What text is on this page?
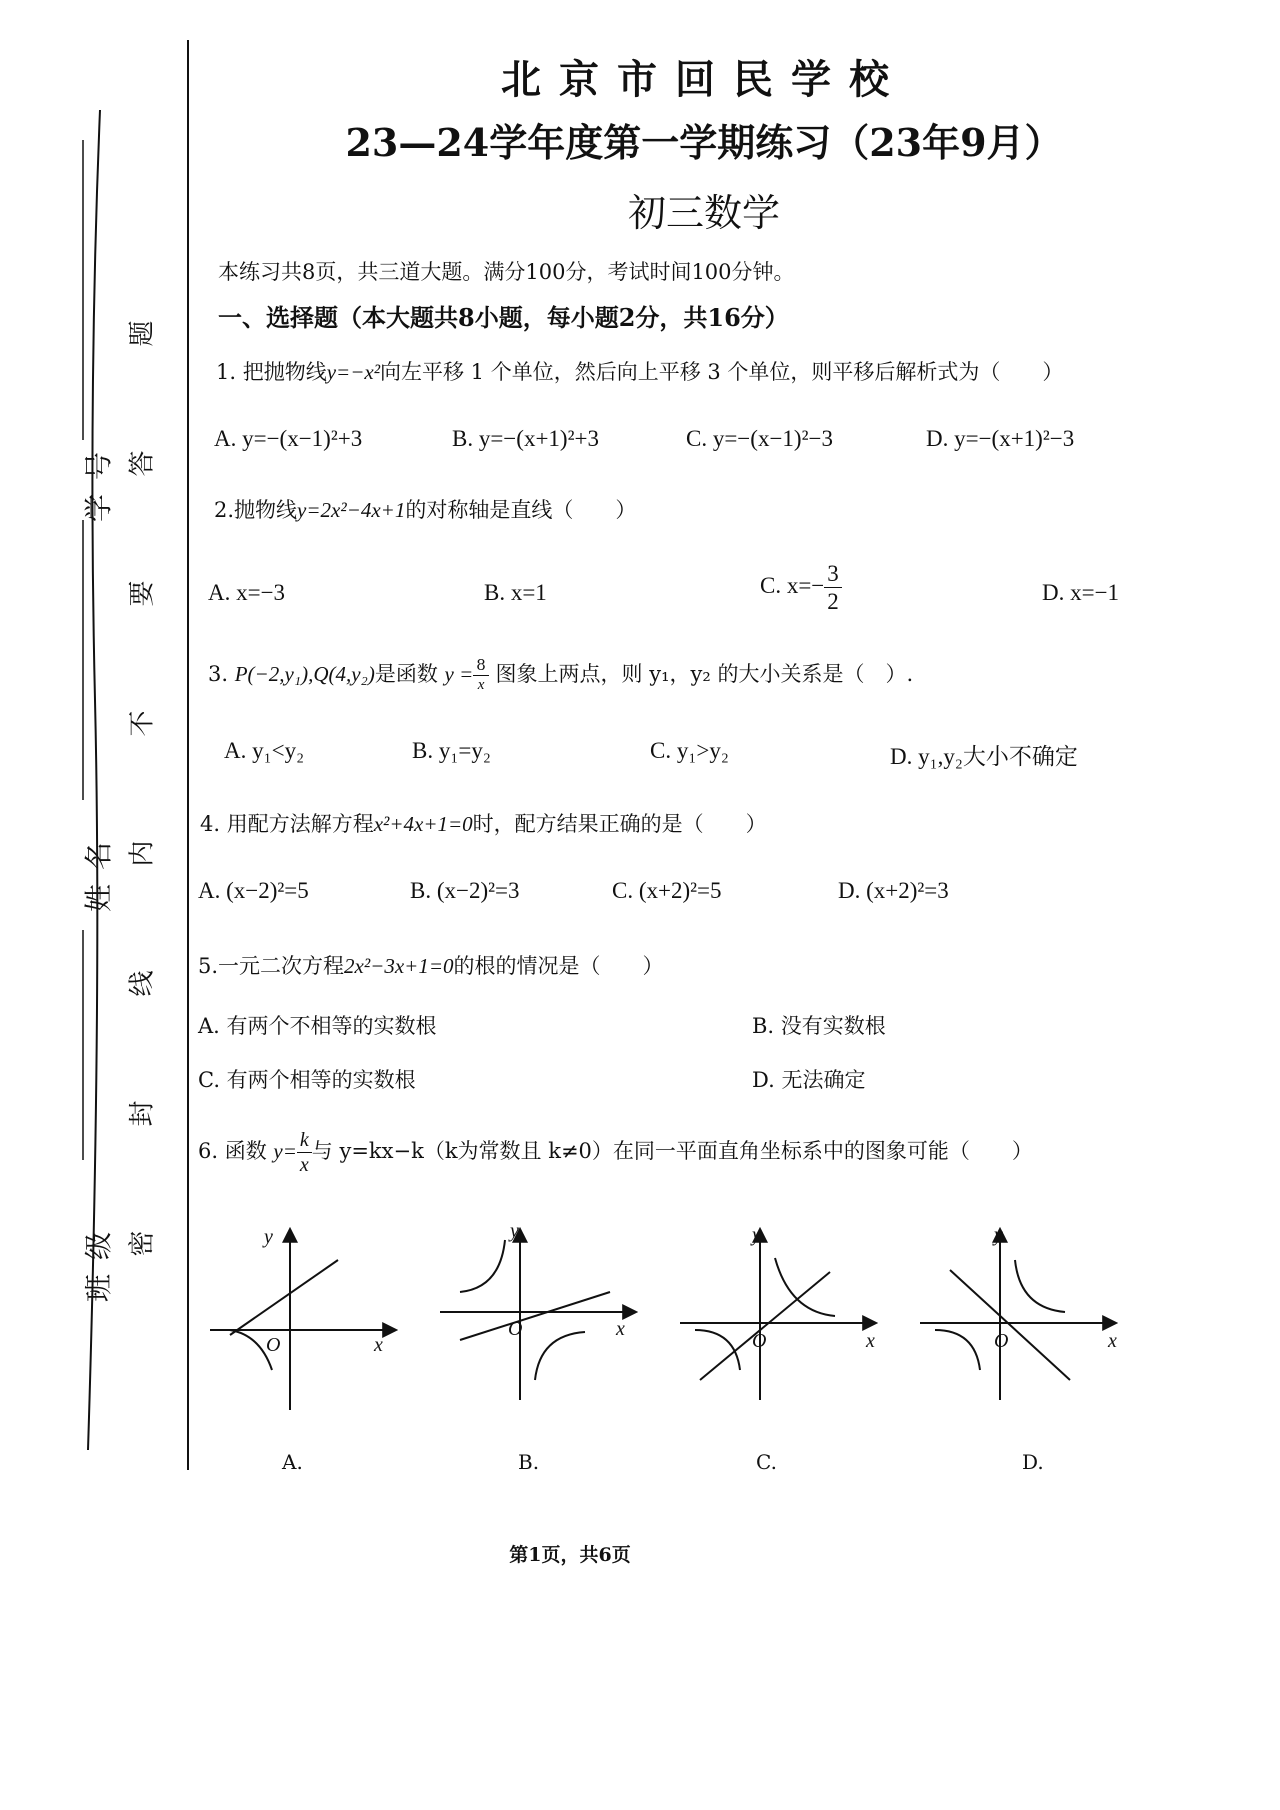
题
答
要
不
内
线
封
密
学号
姓名
班级
北京市回民学校
23—24学年度第一学期练习（23年9月）
初三数学
本练习共8页，共三道大题。满分100分，考试时间100分钟。
一、选择题（本大题共8小题，每小题2分，共16分）
1. 把抛物线y=−x²向左平移 1 个单位，然后向上平移 3 个单位，则平移后解析式为（　　）
A. y=−(x−1)²+3	B. y=−(x+1)²+3	C. y=−(x−1)²−3	D. y=−(x+1)²−3
2.抛物线y=2x²−4x+1的对称轴是直线（　　）
A. x=−3	B. x=1	C. $x=- \frac{3}{2}$	D. x=−1
3. P(−2,y₁),Q(4,y₂)是函数 $y = \frac{8}{x}$ 图象上两点，则 y₁，y₂ 的大小关系是（　）.
A. y₁<y₂	B. y₁=y₂	C. y₁>y₂	D. y₁,y₂大小不确定
4. 用配方法解方程x²+4x+1=0时，配方结果正确的是（　　）
A. (x−2)²=5	B. (x−2)²=3	C. (x+2)²=5	D. (x+2)²=3
5.一元二次方程2x²−3x+1=0的根的情况是（　　）
A. 有两个不相等的实数根	B. 没有实数根
C. 有两个相等的实数根	D. 无法确定
6. 函数 $y= \frac{k}{x}$ 与 y=kx−k（k为常数且 k≠0）在同一平面直角坐标系中的图象可能（　　）
y
x
O
y
x
O
y
x
O
y
x
O
A.	B.	C.	D.
第1页，共6页
